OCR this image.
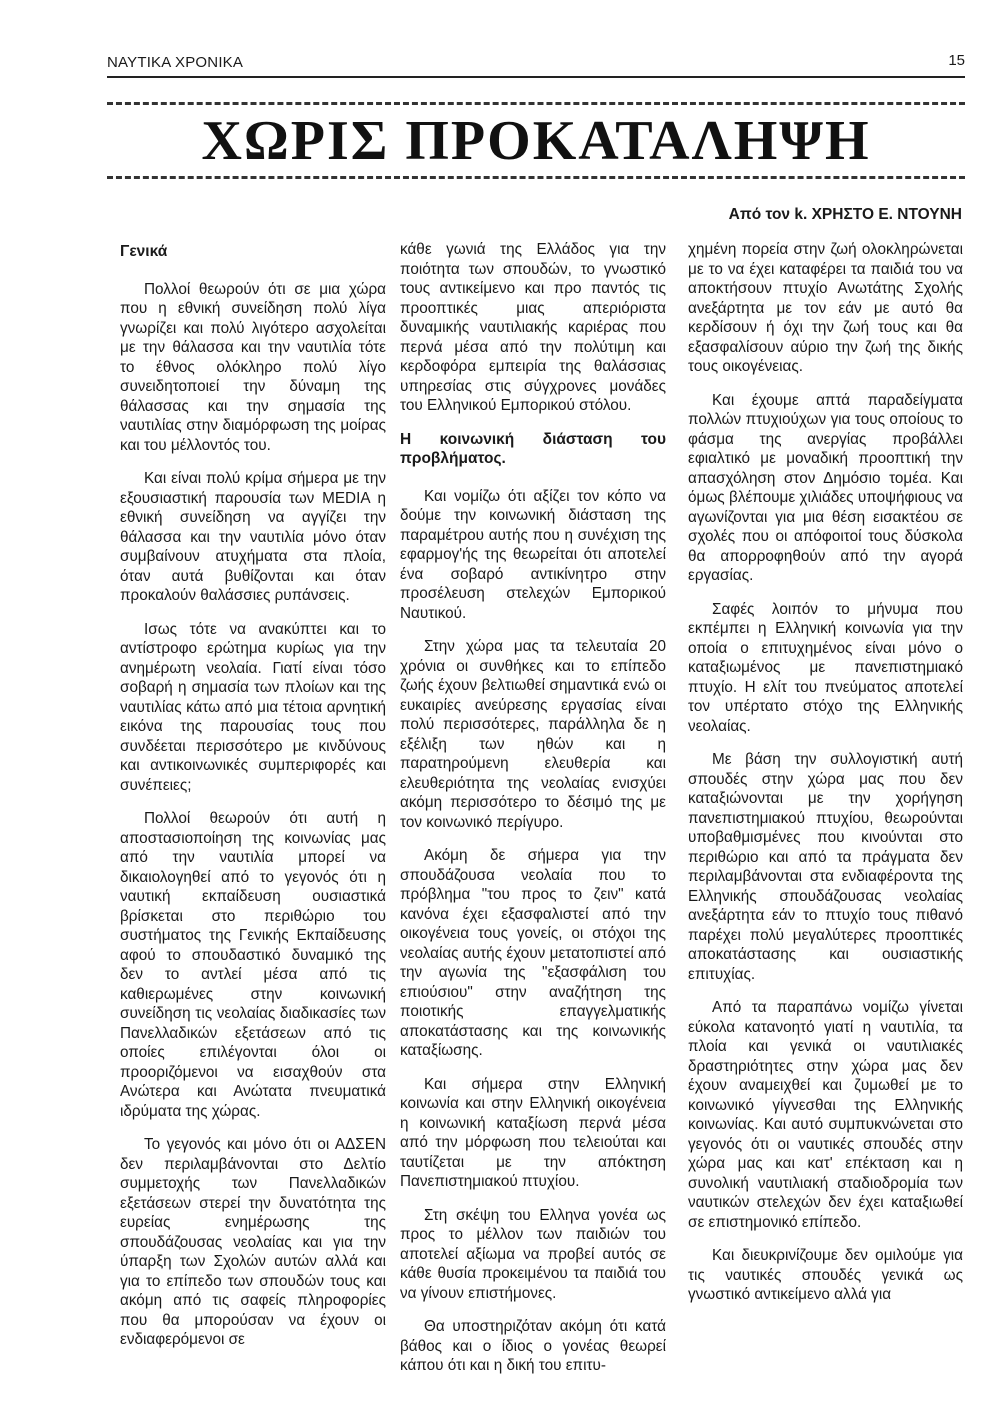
ΝΑΥΤΙΚΑ ΧΡΟΝΙΚΑ	15
ΧΩΡΙΣ ΠΡΟΚΑΤΑΛΗΨΗ
Από τον k. ΧΡΗΣΤΟ Ε. ΝΤΟΥΝΗ
Γενικά

Πολλοί θεωρούν ότι σε μια χώρα που η εθνική συνείδηση πολύ λίγα γνωρίζει και πολύ λιγότερο ασχολείται με την θάλασσα και την ναυτιλία τότε το έθνος ολόκληρο πολύ λίγο συνειδητοποιεί την δύναμη της θάλασσας και την σημασία της ναυτιλίας στην διαμόρφωση της μοίρας και του μέλλοντός του.

Και είναι πολύ κρίμα σήμερα με την εξουσιαστική παρουσία των MEDIA η εθνική συνείδηση να αγγίζει την θάλασσα και την ναυτιλία μόνο όταν συμβαίνουν ατυχήματα στα πλοία, όταν αυτά βυθίζονται και όταν προκαλούν θαλάσσιες ρυπάνσεις.

Ισως τότε να ανακύπτει και το αντίστροφο ερώτημα κυρίως για την ανημέρωτη νεολαία. Γιατί είναι τόσο σοβαρή η σημασία των πλοίων και της ναυτιλίας κάτω από μια τέτοια αρνητική εικόνα της παρουσίας τους που συνδέεται περισσότερο με κινδύνους και αντικοινωνικές συμπεριφορές και συνέπειες;

Πολλοί θεωρούν ότι αυτή η αποστασιοποίηση της κοινωνίας μας από την ναυτιλία μπορεί να δικαιολογηθεί από το γεγονός ότι η ναυτική εκπαίδευση ουσιαστικά βρίσκεται στο περιθώριο του συστήματος της Γενικής Εκπαίδευσης αφού το σπουδαστικό δυναμικό της δεν το αντλεί μέσα από τις καθιερωμένες στην κοινωνική συνείδηση τις νεολαίας διαδικασίες των Πανελλαδικών εξετάσεων από τις οποίες επιλέγονται όλοι οι προοριζόμενοι να εισαχθούν στα Ανώτερα και Ανώτατα πνευματικά ιδρύματα της χώρας.

Το γεγονός και μόνο ότι οι ΑΔΣΕΝ δεν περιλαμβάνονται στο Δελτίο συμμετοχής των Πανελλαδικών εξετάσεων στερεί την δυνατότητα της ευρείας ενημέρωσης της σπουδάζουσας νεολαίας και για την ύπαρξη των Σχολών αυτών αλλά και για το επίπεδο των σπουδών τους και ακόμη από τις σαφείς πληροφορίες που θα μπορούσαν να έχουν οι ενδιαφερόμενοι σε

κάθε γωνιά της Ελλάδος για την ποιότητα των σπουδών, το γνωστικό τους αντικείμενο και προ παντός τις προοπτικές μιας απεριόριστα δυναμικής ναυτιλιακής καριέρας που περνά μέσα από την πολύτιμη και κερδοφόρα εμπειρία της θαλάσσιας υπηρεσίας στις σύγχρονες μονάδες του Ελληνικού Εμπορικού στόλου.

Η κοινωνική διάσταση του προβλήματος.

Και νομίζω ότι αξίζει τον κόπο να δούμε την κοινωνική διάσταση της παραμέτρου αυτής που η συνέχιση της εφαρμογ'ής της θεωρείται ότι αποτελεί ένα σοβαρό αντικίνητρο στην προσέλευση στελεχών Εμπορικού Ναυτικού.

Στην χώρα μας τα τελευταία 20 χρόνια οι συνθήκες και το επίπεδο ζωής έχουν βελτιωθεί σημαντικά ενώ οι ευκαιρίες ανεύρεσης εργασίας είναι πολύ περισσότερες, παράλληλα δε η εξέλιξη των ηθών και η παρατηρούμενη ελευθερία και ελευθεριότητα της νεολαίας ενισχύει ακόμη περισσότερο το δέσιμό της με τον κοινωνικό περίγυρο.

Ακόμη δε σήμερα για την σπουδάζουσα νεολαία που το πρόβλημα "του προς το ζειν" κατά κανόνα έχει εξασφαλιστεί από την οικογένεια τους γονείς, οι στόχοι της νεολαίας αυτής έχουν μετατοπιστεί από την αγωνία της "εξασφάλιση του επιούσιου" στην αναζήτηση της ποιοτικής επαγγελματικής αποκατάστασης και της κοινωνικής καταξίωσης.

Και σήμερα στην Ελληνική κοινωνία και στην Ελληνική οικογένεια η κοινωνική καταξίωση περνά μέσα από την μόρφωση που τελειούται και ταυτίζεται με την απόκτηση Πανεπιστημιακού πτυχίου.

Στη σκέψη του Ελληνα γονέα ως προς το μέλλον των παιδιών του αποτελεί αξίωμα να προβεί αυτός σε κάθε θυσία προκειμένου τα παιδιά του να γίνουν επιστήμονες.

Θα υποστηριζόταν ακόμη ότι κατά βάθος και ο ίδιος ο γονέας θεωρεί κάπου ότι και η δική του επιτυ-

χημένη πορεία στην ζωή ολοκληρώνεται με το να έχει καταφέρει τα παιδιά του να αποκτήσουν πτυχίο Ανωτάτης Σχολής ανεξάρτητα με τον εάν με αυτό θα κερδίσουν ή όχι την ζωή τους και θα εξασφαλίσουν αύριο την ζωή της δικής τους οικογένειας.

Και έχουμε απτά παραδείγματα πολλών πτυχιούχων για τους οποίους το φάσμα της ανεργίας προβάλλει εφιαλτικό με μοναδική προοπτική την απασχόληση στον Δημόσιο τομέα. Και όμως βλέπουμε χιλιάδες υποψήφιους να αγωνίζονται για μια θέση εισακτέου σε σχολές που οι απόφοιτοί τους δύσκολα θα απορροφηθούν από την αγορά εργασίας.

Σαφές λοιπόν το μήνυμα που εκπέμπει η Ελληνική κοινωνία για την οποία ο επιτυχημένος είναι μόνο ο καταξιωμένος με πανεπιστημιακό πτυχίο. Η ελίτ του πνεύματος αποτελεί τον υπέρτατο στόχο της Ελληνικής νεολαίας.

Με βάση την συλλογιστική αυτή σπουδές στην χώρα μας που δεν καταξιώνονται με την χορήγηση πανεπιστημιακού πτυχίου, θεωρούνται υποβαθμισμένες που κινούνται στο περιθώριο και από τα πράγματα δεν περιλαμβάνονται στα ενδιαφέροντα της Ελληνικής σπουδάζουσας νεολαίας ανεξάρτητα εάν το πτυχίο τους πιθανό παρέχει πολύ μεγαλύτερες προοπτικές αποκατάστασης και ουσιαστικής επιτυχίας.

Από τα παραπάνω νομίζω γίνεται εύκολα κατανοητό γιατί η ναυτιλία, τα πλοία και γενικά οι ναυτιλιακές δραστηριότητες στην χώρα μας δεν έχουν αναμειχθεί και ζυμωθεί με το κοινωνικό γίγνεσθαι της Ελληνικής κοινωνίας. Και αυτό συμπυκνώνεται στο γεγονός ότι οι ναυτικές σπουδές στην χώρα μας και κατ' επέκταση και η συνολική ναυτιλιακή σταδιοδρομία των ναυτικών στελεχών δεν έχει καταξιωθεί σε επιστημονικό επίπεδο.

Και διευκρινίζουμε δεν ομιλούμε για τις ναυτικές σπουδές γενικά ως γνωστικό αντικείμενο αλλά για
